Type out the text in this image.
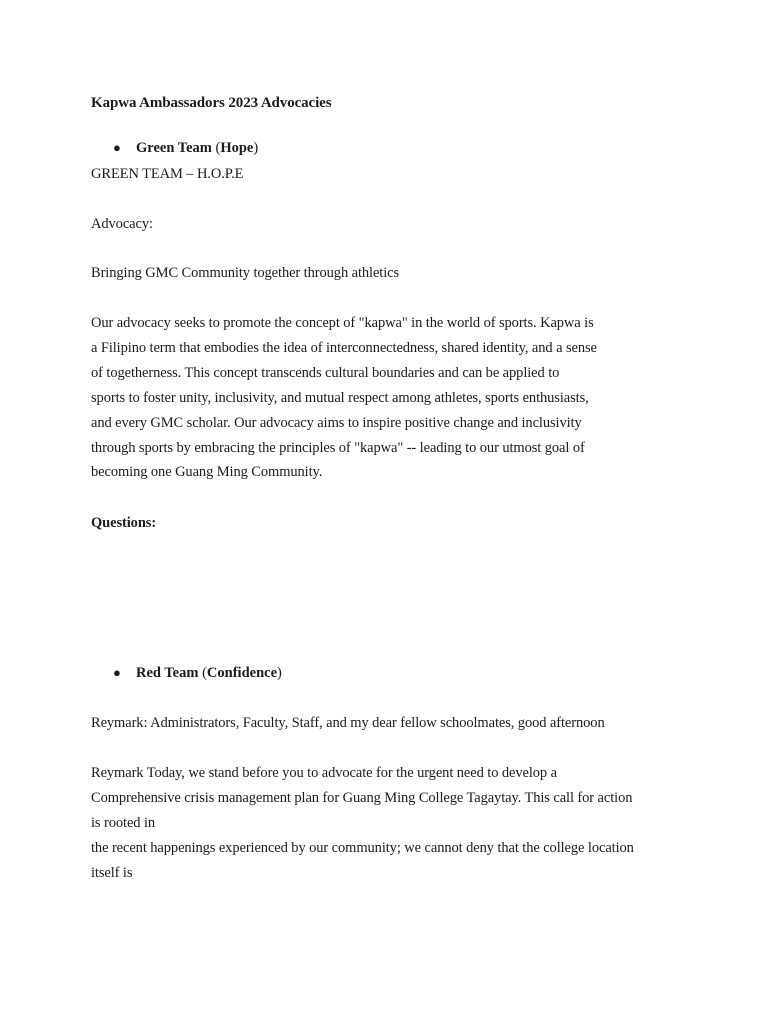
Kapwa Ambassadors 2023 Advocacies
● Green Team (Hope)
GREEN TEAM – H.O.P.E
Advocacy:
Bringing GMC Community together through athletics
Our advocacy seeks to promote the concept of "kapwa" in the world of sports. Kapwa is
a Filipino term that embodies the idea of interconnectedness, shared identity, and a sense
of togetherness. This concept transcends cultural boundaries and can be applied to
sports to foster unity, inclusivity, and mutual respect among athletes, sports enthusiasts,
and every GMC scholar. Our advocacy aims to inspire positive change and inclusivity
through sports by embracing the principles of "kapwa" -- leading to our utmost goal of
becoming one Guang Ming Community.
Questions:
● Red Team (Confidence)
Reymark: Administrators, Faculty, Staff, and my dear fellow schoolmates, good afternoon
Reymark Today, we stand before you to advocate for the urgent need to develop a
Comprehensive crisis management plan for Guang Ming College Tagaytay. This call for action
is rooted in
the recent happenings experienced by our community; we cannot deny that the college location
itself is
